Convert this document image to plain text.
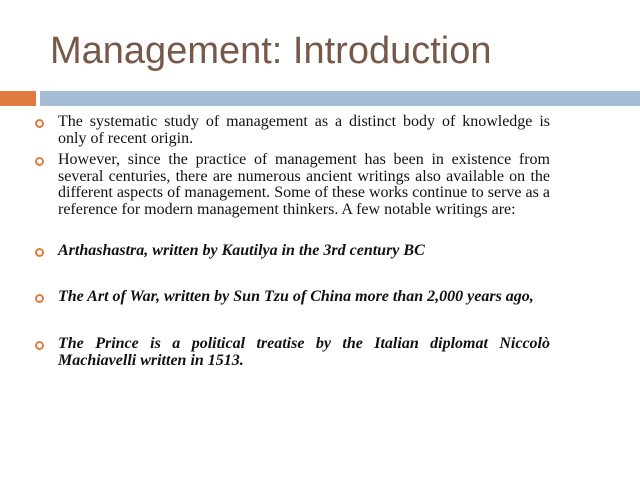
Management: Introduction
The systematic study of management as a distinct body of knowledge is only of recent origin.
However, since the practice of management has been in existence from several centuries, there are numerous ancient writings also available on the different aspects of management. Some of these works continue to serve as a reference for modern management thinkers. A few notable writings are:
Arthashastra, written by Kautilya in the 3rd century BC
The Art of War, written by Sun Tzu of China more than 2,000 years ago,
The Prince is a political treatise by the Italian diplomat Niccolò Machiavelli written in 1513.
